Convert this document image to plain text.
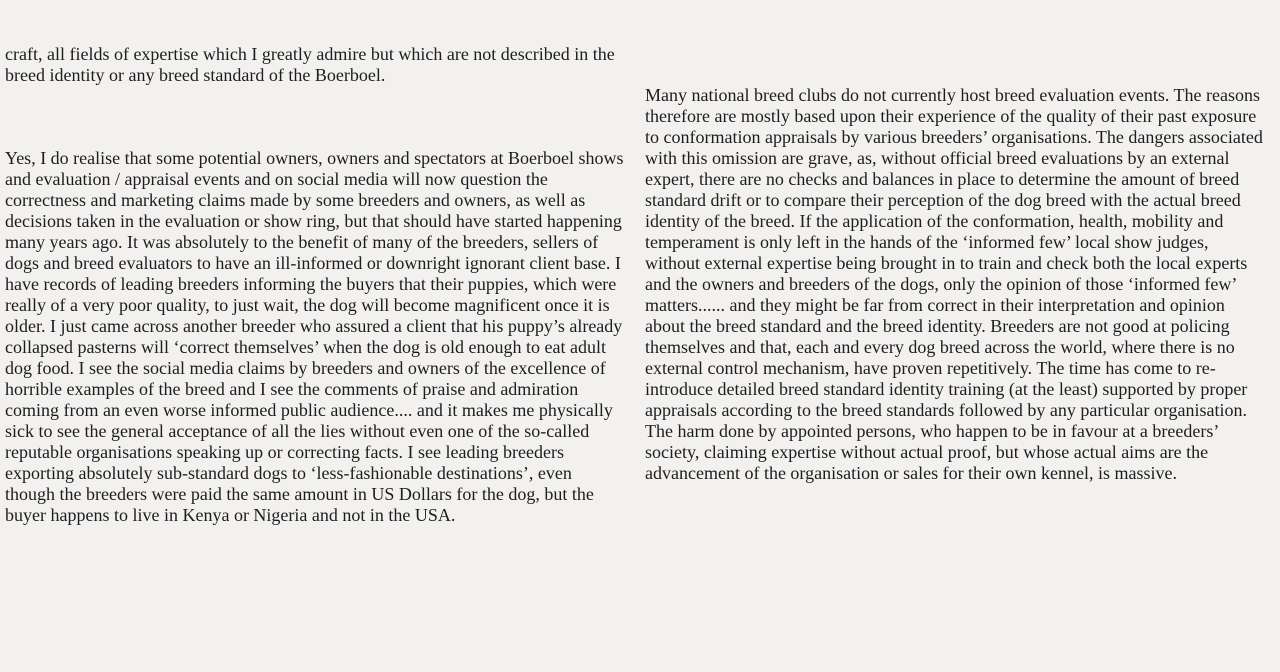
craft, all fields of expertise which I greatly admire but which are not described in the breed identity or any breed standard of the Boerboel.

Yes, I do realise that some potential owners, owners and spectators at Boerboel shows and evaluation / appraisal events and on social media will now question the correctness and marketing claims made by some breeders and owners, as well as decisions taken in the evaluation or show ring, but that should have started happening many years ago. It was absolutely to the benefit of many of the breeders, sellers of dogs and breed evaluators to have an ill-informed or downright ignorant client base. I have records of leading breeders informing the buyers that their puppies, which were really of a very poor quality, to just wait, the dog will become magnificent once it is older. I just came across another breeder who assured a client that his puppy’s already collapsed pasterns will ‘correct themselves’ when the dog is old enough to eat adult dog food. I see the social media claims by breeders and owners of the excellence of horrible examples of the breed and I see the comments of praise and admiration coming from an even worse informed public audience.... and it makes me physically sick to see the general acceptance of all the lies without even one of the so-called reputable organisations speaking up or correcting facts. I see leading breeders exporting absolutely sub-standard dogs to ‘less-fashionable destinations’, even though the breeders were paid the same amount in US Dollars for the dog, but the buyer happens to live in Kenya or Nigeria and not in the USA.

Many national breed clubs do not currently host breed evaluation events. The reasons therefore are mostly based upon their experience of the quality of their past exposure to conformation appraisals by various breeders’ organisations. The dangers associated with this omission are grave, as, without official breed evaluations by an external expert, there are no checks and balances in place to determine the amount of breed standard drift or to compare their perception of the dog breed with the actual breed identity of the breed. If the application of the conformation, health, mobility and temperament is only left in the hands of the ‘informed few’ local show judges, without external expertise being brought in to train and check both the local experts and the owners and breeders of the dogs, only the opinion of those ‘informed few’ matters...... and they might be far from correct in their interpretation and opinion about the breed standard and the breed identity. Breeders are not good at policing themselves and that, each and every dog breed across the world, where there is no external control mechanism, have proven repetitively. The time has come to re-introduce detailed breed standard identity training (at the least) supported by proper appraisals according to the breed standards followed by any particular organisation. The harm done by appointed persons, who happen to be in favour at a breeders’ society, claiming expertise without actual proof, but whose actual aims are the advancement of the organisation or sales for their own kennel, is massive.
